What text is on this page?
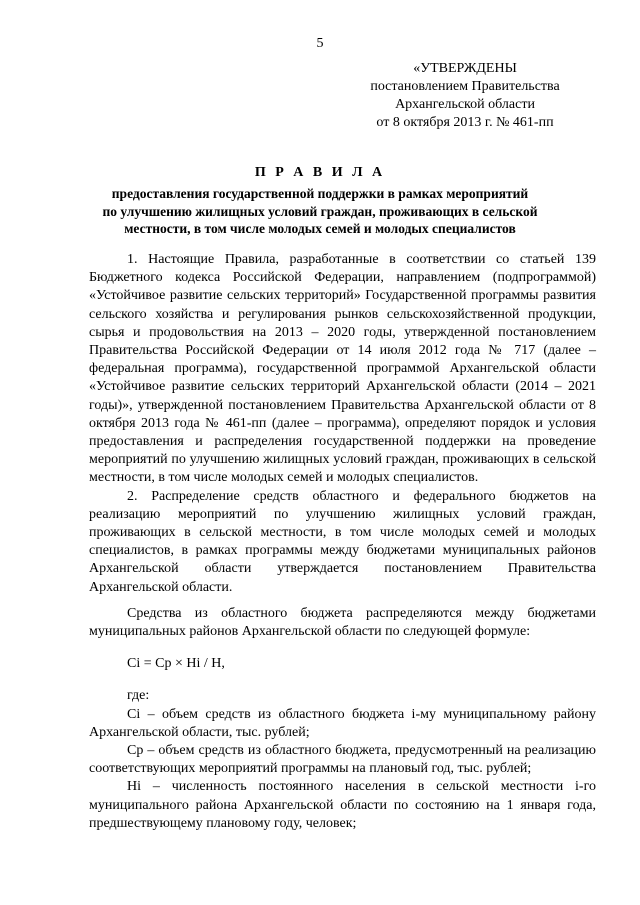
5
«УТВЕРЖДЕНЫ
постановлением Правительства
Архангельской области
от 8 октября 2013 г. № 461-пп
П Р А В И Л А
предоставления государственной поддержки в рамках мероприятий
по улучшению жилищных условий граждан, проживающих в сельской
местности, в том числе молодых семей и молодых специалистов

1. Настоящие Правила, разработанные в соответствии со статьей 139 Бюджетного кодекса Российской Федерации, направлением (подпрограммой) «Устойчивое развитие сельских территорий» Государственной программы развития сельского хозяйства и регулирования рынков сельскохозяйственной продукции, сырья и продовольствия на 2013 – 2020 годы, утвержденной постановлением Правительства Российской Федерации от 14 июля 2012 года № 717 (далее – федеральная программа), государственной программой Архангельской области «Устойчивое развитие сельских территорий Архангельской области (2014 – 2021 годы)», утвержденной постановлением Правительства Архангельской области от 8 октября 2013 года № 461-пп (далее – программа), определяют порядок и условия предоставления и распределения государственной поддержки на проведение мероприятий по улучшению жилищных условий граждан, проживающих в сельской местности, в том числе молодых семей и молодых специалистов.

2. Распределение средств областного и федерального бюджетов на реализацию мероприятий по улучшению жилищных условий граждан, проживающих в сельской местности, в том числе молодых семей и молодых специалистов, в рамках программы между бюджетами муниципальных районов Архангельской области утверждается постановлением Правительства Архангельской области.

Средства из областного бюджета распределяются между бюджетами муниципальных районов Архангельской области по следующей формуле:

Ci = Ср × Нi / Н,

где:

Ci – объем средств из областного бюджета i-му муниципальному району Архангельской области, тыс. рублей;

Ср – объем средств из областного бюджета, предусмотренный на реализацию соответствующих мероприятий программы на плановый год, тыс. рублей;

Нi – численность постоянного населения в сельской местности i-го муниципального района Архангельской области по состоянию на 1 января года, предшествующему плановому году, человек;
